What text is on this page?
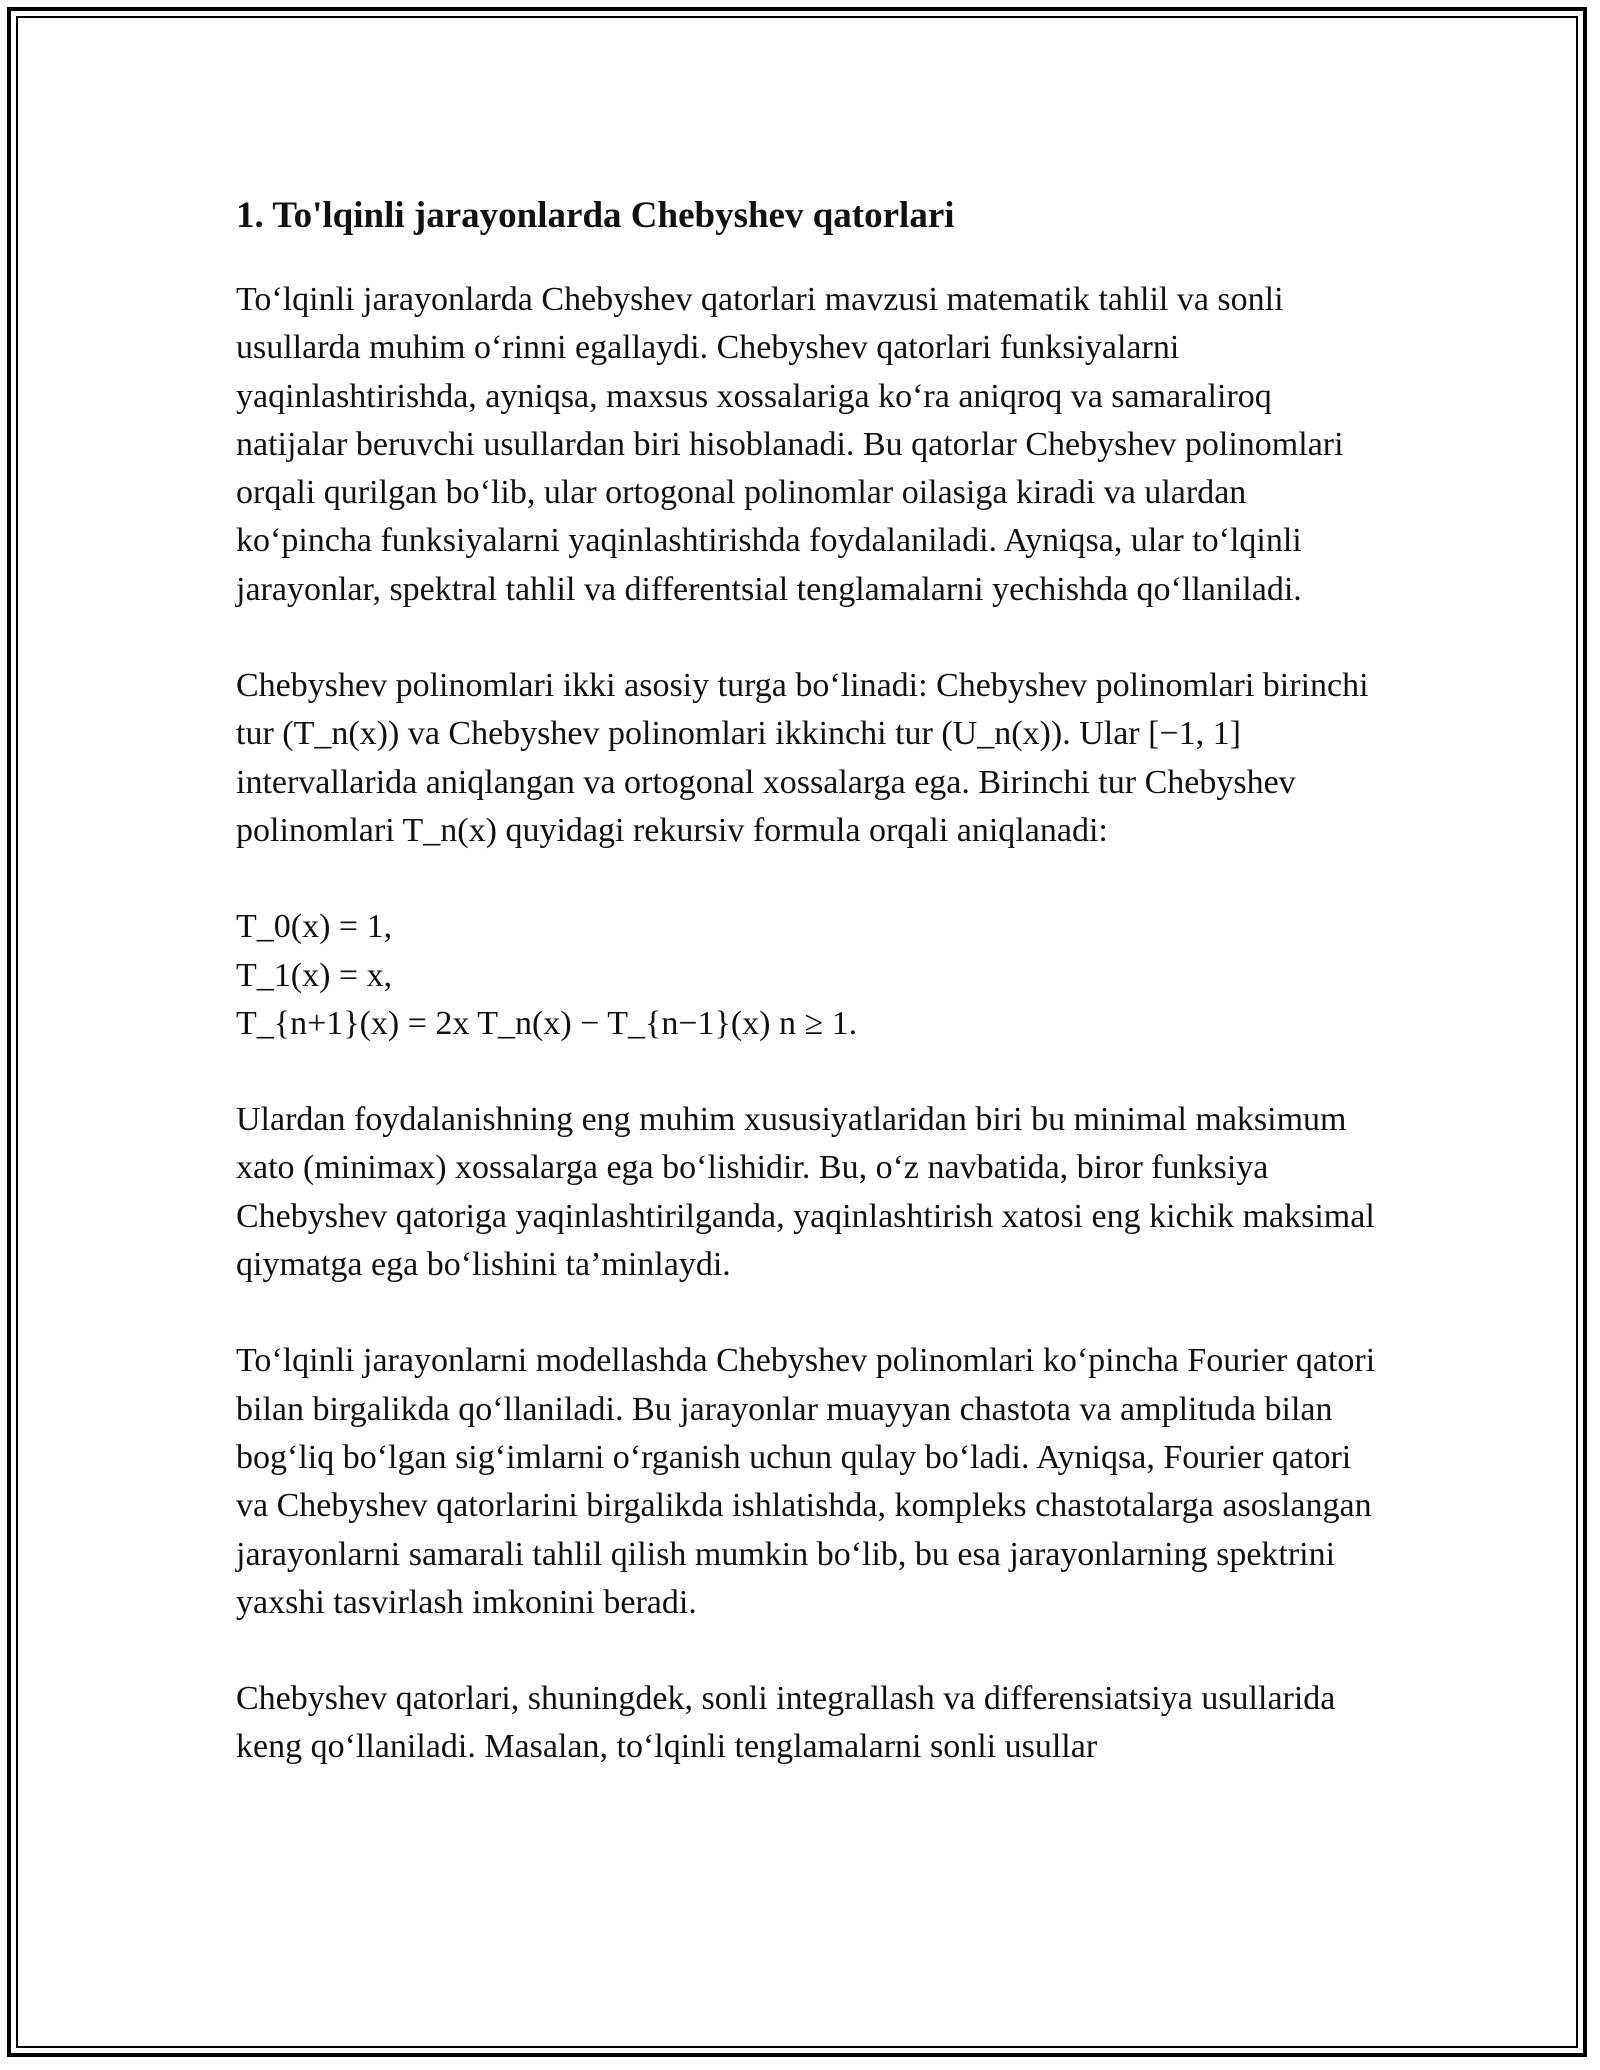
1. To'lqinli jarayonlarda Chebyshev qatorlari

To‘lqinli jarayonlarda Chebyshev qatorlari mavzusi matematik tahlil va sonli usullarda muhim o‘rinni egallaydi. Chebyshev qatorlari funksiyalarni yaqinlashtirishda, ayniqsa, maxsus xossalariga ko‘ra aniqroq va samaraliroq natijalar beruvchi usullardan biri hisoblanadi. Bu qatorlar Chebyshev polinomlari orqali qurilgan bo‘lib, ular ortogonal polinomlar oilasiga kiradi va ulardan ko‘pincha funksiyalarni yaqinlashtirishda foydalaniladi. Ayniqsa, ular to‘lqinli jarayonlar, spektral tahlil va differentsial tenglamalarni yechishda qo‘llaniladi.

Chebyshev polinomlari ikki asosiy turga bo‘linadi: Chebyshev polinomlari birinchi tur (T_n(x)) va Chebyshev polinomlari ikkinchi tur (U_n(x)). Ular [−1, 1] intervallarida aniqlangan va ortogonal xossalarga ega. Birinchi tur Chebyshev polinomlari T_n(x) quyidagi rekursiv formula orqali aniqlanadi:

T_0(x) = 1,
T_1(x) = x,
T_{n+1}(x) = 2x T_n(x) − T_{n−1}(x) n ≥ 1.

Ulardan foydalanishning eng muhim xususiyatlaridan biri bu minimal maksimum xato (minimax) xossalarga ega bo‘lishidir. Bu, o‘z navbatida, biror funksiya Chebyshev qatoriga yaqinlashtirilganda, yaqinlashtirish xatosi eng kichik maksimal qiymatga ega bo‘lishini ta’minlaydi.

To‘lqinli jarayonlarni modellashda Chebyshev polinomlari ko‘pincha Fourier qatori bilan birgalikda qo‘llaniladi. Bu jarayonlar muayyan chastota va amplituda bilan bog‘liq bo‘lgan sig‘imlarni o‘rganish uchun qulay bo‘ladi. Ayniqsa, Fourier qatori va Chebyshev qatorlarini birgalikda ishlatishda, kompleks chastotalarga asoslangan jarayonlarni samarali tahlil qilish mumkin bo‘lib, bu esa jarayonlarning spektrini yaxshi tasvirlash imkonini beradi.

Chebyshev qatorlari, shuningdek, sonli integrallash va differensiatsiya usullarida keng qo‘llaniladi. Masalan, to‘lqinli tenglamalarni sonli usullar
